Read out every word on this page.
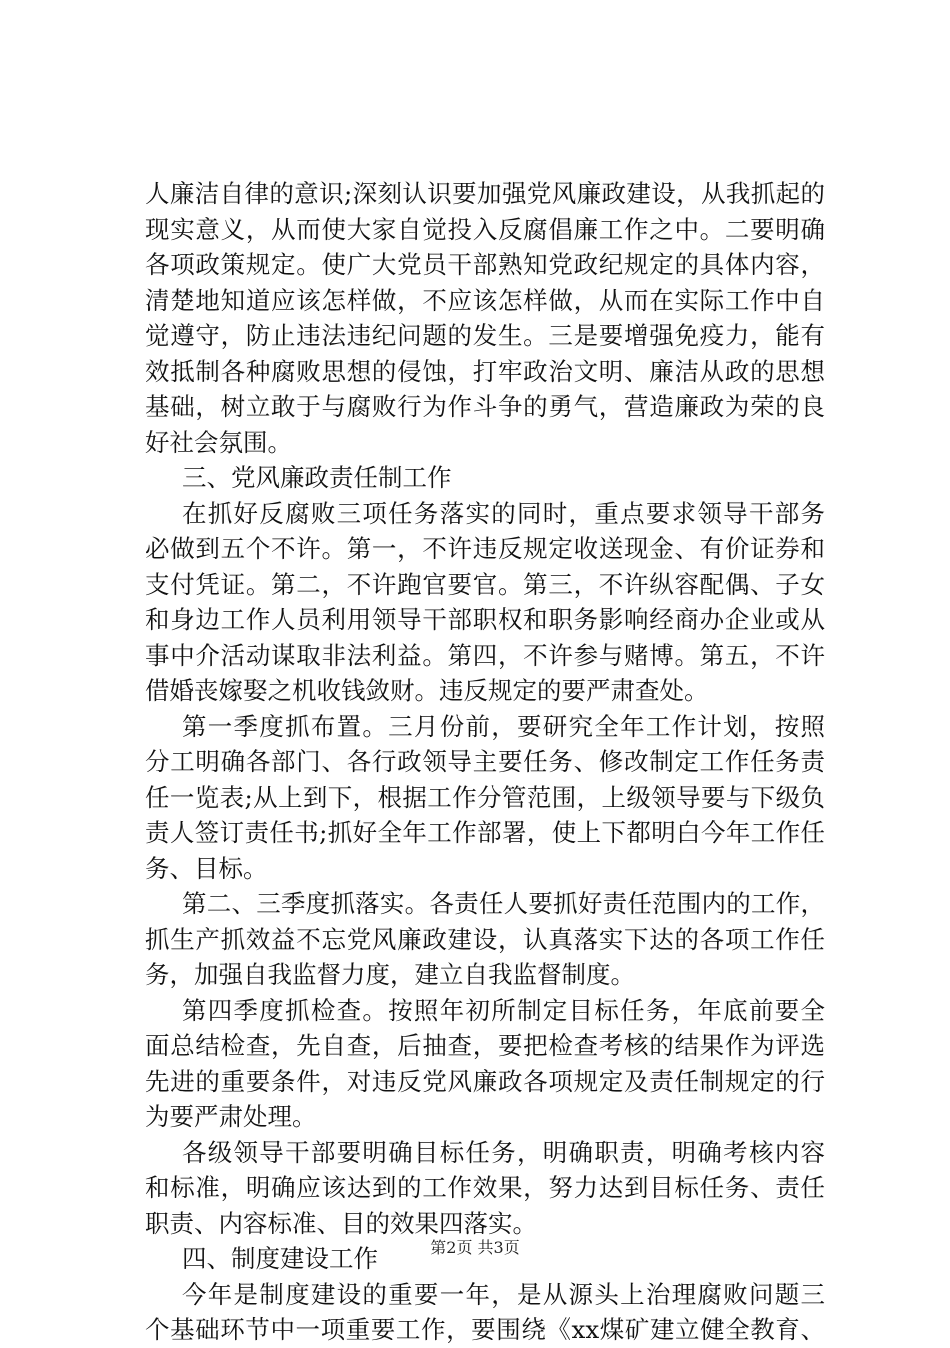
人廉洁自律的意识;深刻认识要加强党风廉政建设，从我抓起的
现实意义，从而使大家自觉投入反腐倡廉工作之中。二要明确
各项政策规定。使广大党员干部熟知党政纪规定的具体内容，
清楚地知道应该怎样做，不应该怎样做，从而在实际工作中自
觉遵守，防止违法违纪问题的发生。三是要增强免疫力，能有
效抵制各种腐败思想的侵蚀，打牢政治文明、廉洁从政的思想
基础，树立敢于与腐败行为作斗争的勇气，营造廉政为荣的良
好社会氛围。
三、党风廉政责任制工作
在抓好反腐败三项任务落实的同时，重点要求领导干部务
必做到五个不许。第一，不许违反规定收送现金、有价证券和
支付凭证。第二，不许跑官要官。第三，不许纵容配偶、子女
和身边工作人员利用领导干部职权和职务影响经商办企业或从
事中介活动谋取非法利益。第四，不许参与赌博。第五，不许
借婚丧嫁娶之机收钱敛财。违反规定的要严肃查处。
第一季度抓布置。三月份前，要研究全年工作计划，按照
分工明确各部门、各行政领导主要任务、修改制定工作任务责
任一览表;从上到下，根据工作分管范围，上级领导要与下级负
责人签订责任书;抓好全年工作部署，使上下都明白今年工作任
务、目标。
第二、三季度抓落实。各责任人要抓好责任范围内的工作，
抓生产抓效益不忘党风廉政建设，认真落实下达的各项工作任
务，加强自我监督力度，建立自我监督制度。
第四季度抓检查。按照年初所制定目标任务，年底前要全
面总结检查，先自查，后抽查，要把检查考核的结果作为评选
先进的重要条件，对违反党风廉政各项规定及责任制规定的行
为要严肃处理。
各级领导干部要明确目标任务，明确职责，明确考核内容
和标准，明确应该达到的工作效果，努力达到目标任务、责任
职责、内容标准、目的效果四落实。
四、制度建设工作
今年是制度建设的重要一年，是从源头上治理腐败问题三
个基础环节中一项重要工作，要围绕《xx煤矿建立健全教育、
第2页 共3页
